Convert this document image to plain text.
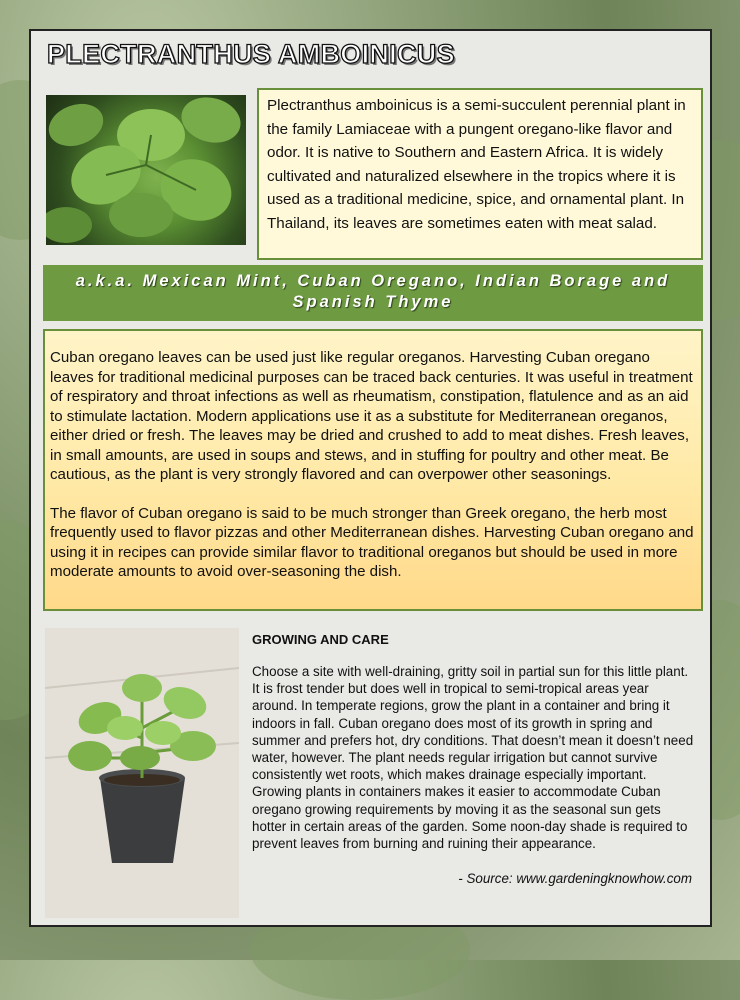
PLECTRANTHUS AMBOINICUS
Plectranthus amboinicus is a semi-succulent perennial plant in the family Lamiaceae with a pungent oregano-like flavor and odor. It is native to Southern and Eastern Africa. It is widely cultivated and naturalized elsewhere in the tropics where it is used as a traditional medicine, spice, and ornamental plant. In Thailand, its leaves are sometimes eaten with meat salad.
a.k.a. Mexican Mint, Cuban Oregano, Indian Borage and Spanish Thyme

Cuban oregano leaves can be used just like regular oreganos. Harvesting Cuban oregano leaves for traditional medicinal purposes can be traced back centuries. It was useful in treatment of respiratory and throat infections as well as rheumatism, constipation, flatulence and as an aid to stimulate lactation. Modern applications use it as a substitute for Mediterranean oreganos, either dried or fresh. The leaves may be dried and crushed to add to meat dishes. Fresh leaves, in small amounts, are used in soups and stews, and in stuffing for poultry and other meat. Be cautious, as the plant is very strongly flavored and can overpower other seasonings.

The flavor of Cuban oregano is said to be much stronger than Greek oregano, the herb most frequently used to flavor pizzas and other Mediterranean dishes. Harvesting Cuban oregano and using it in recipes can provide similar flavor to traditional oreganos but should be used in more moderate amounts to avoid over-seasoning the dish.

GROWING AND CARE

Choose a site with well-draining, gritty soil in partial sun for this little plant. It is frost tender but does well in tropical to semi-tropical areas year around. In temperate regions, grow the plant in a container and bring it indoors in fall. Cuban oregano does most of its growth in spring and summer and prefers hot, dry conditions. That doesn’t mean it doesn’t need water, however. The plant needs regular irrigation but cannot survive consistently wet roots, which makes drainage especially important. Growing plants in containers makes it easier to accommodate Cuban oregano growing requirements by moving it as the seasonal sun gets hotter in certain areas of the garden. Some noon-day shade is required to prevent leaves from burning and ruining their appearance.

- Source: www.gardeningknowhow.com
